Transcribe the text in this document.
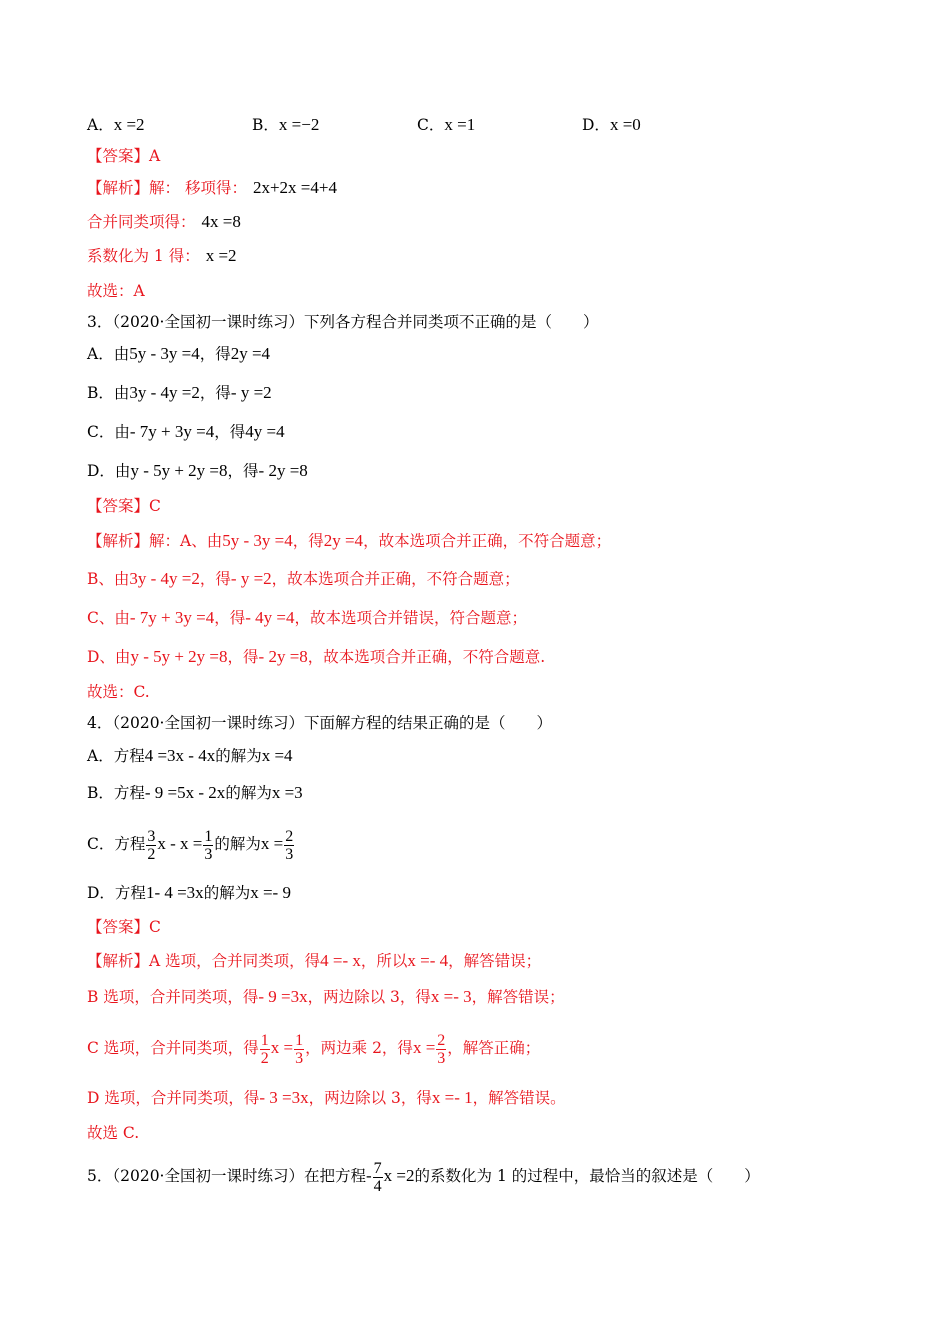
A．x =2	B．x =−2	C．x =1	D．x =0
【答案】A
【解析】解： 移项得： 2x+2x =4+4
合并同类项得： 4x =8
系数化为 1 得： x =2
故选：A
3．（2020·全国初一课时练习）下列各方程合并同类项不正确的是（　　）
A．由5y - 3y =4，得2y =4
B．由3y - 4y =2，得- y =2
C．由- 7y + 3y =4，得4y =4
D．由y - 5y + 2y =8，得- 2y =8
【答案】C
【解析】解：A、由5y - 3y =4，得2y =4，故本选项合并正确，不符合题意；
B、由3y - 4y =2，得- y =2，故本选项合并正确，不符合题意；
C、由- 7y + 3y =4，得- 4y =4，故本选项合并错误，符合题意；
D、由y - 5y + 2y =8，得- 2y =8，故本选项合并正确，不符合题意.
故选：C.
4．（2020·全国初一课时练习）下面解方程的结果正确的是（　　）
A．方程4 =3x - 4x的解为x =4
B．方程- 9 =5x - 2x的解为x =3
C．方程 $\frac{3}{2}$ $x - x = \frac{1}{3}$ 的解为$x = \frac{2}{3}$
D．方程1- 4 =3x的解为x =- 9
【答案】C
【解析】A 选项，合并同类项，得4 =- x，所以x =- 4，解答错误；
B 选项，合并同类项，得- 9 =3x，两边除以 3，得x =- 3，解答错误；
C 选项，合并同类项，得 $\frac{1}{2}$ $x = \frac{1}{3}$ ，两边乘 2，得$x = \frac{2}{3}$ ，解答正确；
D 选项，合并同类项，得- 3 =3x，两边除以 3，得x =- 1，解答错误。
故选 C.
5．（2020·全国初一课时练习）在把方程- $\frac{7}{4}$ x =2的系数化为 1 的过程中，最恰当的叙述是（　　）
